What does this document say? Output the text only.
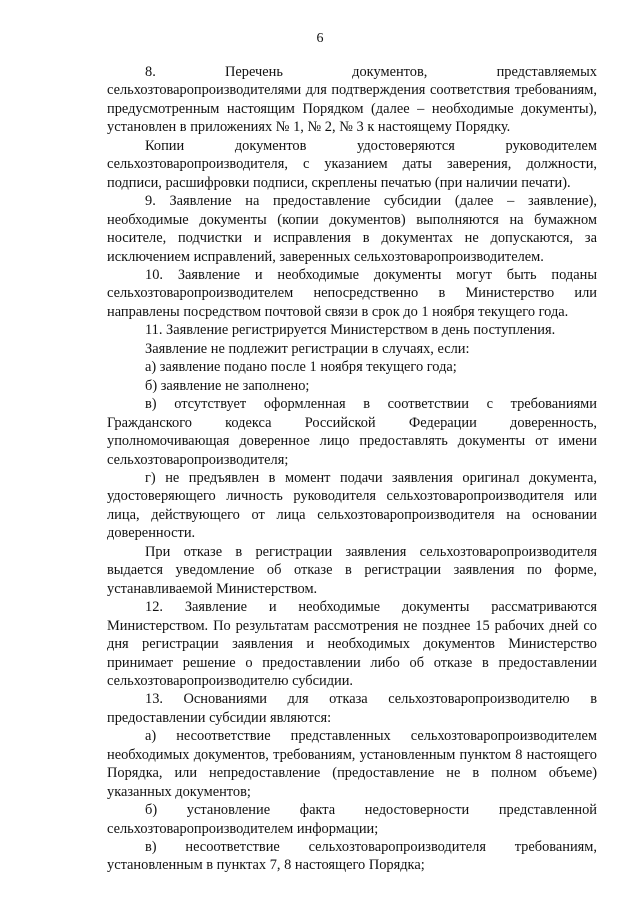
6

8. Перечень документов, представляемых сельхозтоваропроизводителями для подтверждения соответствия требованиям, предусмотренным настоящим Порядком (далее – необходимые документы), установлен в приложениях № 1, № 2, № 3 к настоящему Порядку.

Копии документов удостоверяются руководителем сельхозтоваропроизводителя, с указанием даты заверения, должности, подписи, расшифровки подписи, скреплены печатью (при наличии печати).

9. Заявление на предоставление субсидии (далее – заявление), необходимые документы (копии документов) выполняются на бумажном носителе, подчистки и исправления в документах не допускаются, за исключением исправлений, заверенных сельхозтоваропроизводителем.

10. Заявление и необходимые документы могут быть поданы сельхозтоваропроизводителем непосредственно в Министерство или направлены посредством почтовой связи в срок до 1 ноября текущего года.

11. Заявление регистрируется Министерством в день поступления.

Заявление не подлежит регистрации в случаях, если:

а) заявление подано после 1 ноября текущего года;

б) заявление не заполнено;

в) отсутствует оформленная в соответствии с требованиями Гражданского кодекса Российской Федерации доверенность, уполномочивающая доверенное лицо предоставлять документы от имени сельхозтоваропроизводителя;

г) не предъявлен в момент подачи заявления оригинал документа, удостоверяющего личность руководителя сельхозтоваропроизводителя или лица, действующего от лица сельхозтоваропроизводителя на основании доверенности.

При отказе в регистрации заявления сельхозтоваропроизводителя выдается уведомление об отказе в регистрации заявления по форме, устанавливаемой Министерством.

12. Заявление и необходимые документы рассматриваются Министерством. По результатам рассмотрения не позднее 15 рабочих дней со дня регистрации заявления и необходимых документов Министерство принимает решение о предоставлении либо об отказе в предоставлении сельхозтоваропроизводителю субсидии.

13. Основаниями для отказа сельхозтоваропроизводителю в предоставлении субсидии являются:

а) несоответствие представленных сельхозтоваропроизводителем необходимых документов, требованиям, установленным пунктом 8 настоящего Порядка, или непредоставление (предоставление не в полном объеме) указанных документов;

б) установление факта недостоверности представленной сельхозтоваропроизводителем информации;

в) несоответствие сельхозтоваропроизводителя требованиям, установленным в пунктах 7, 8 настоящего Порядка;
